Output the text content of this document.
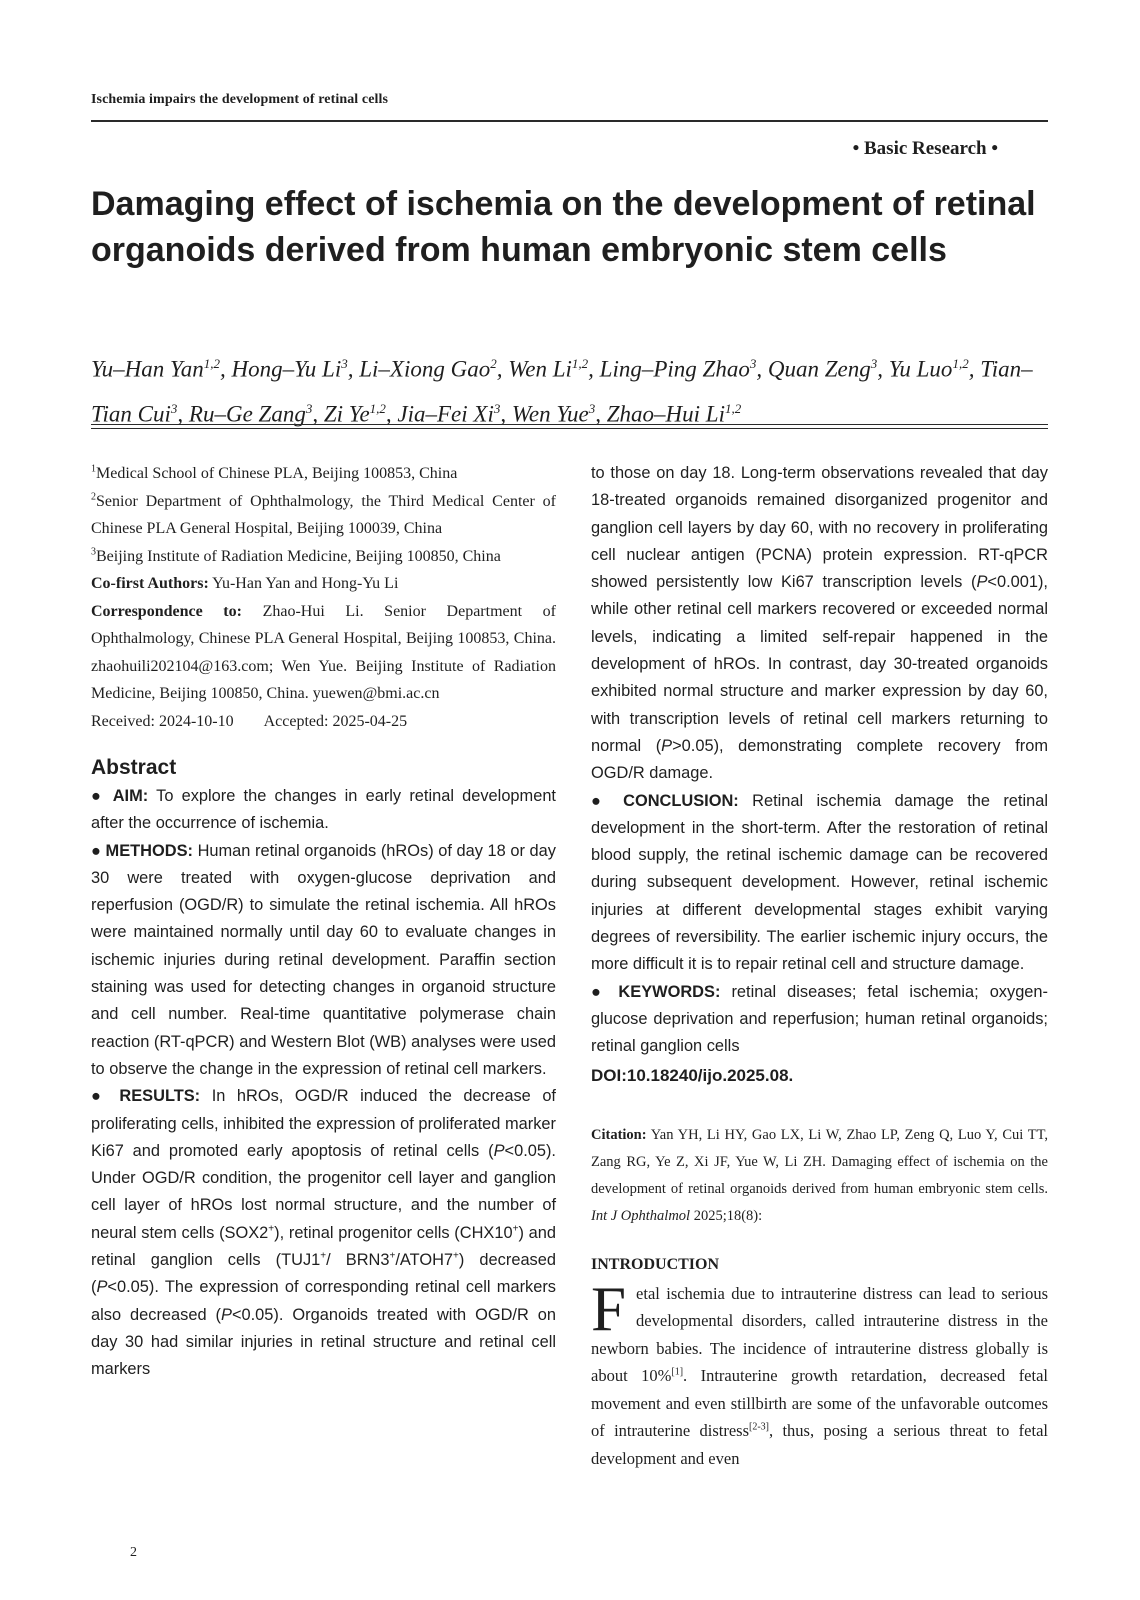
Ischemia impairs the development of retinal cells
• Basic Research •
Damaging effect of ischemia on the development of retinal organoids derived from human embryonic stem cells
Yu–Han Yan$^{1,2}$, Hong–Yu Li$^3$, Li–Xiong Gao$^2$, Wen Li$^{1,2}$, Ling–Ping Zhao$^3$, Quan Zeng$^3$, Yu Luo$^{1,2}$, Tian–Tian Cui$^3$, Ru–Ge Zang$^3$, Zi Ye$^{1,2}$, Jia–Fei Xi$^3$, Wen Yue$^3$, Zhao–Hui Li$^{1,2}$

$^1$Medical School of Chinese PLA, Beijing 100853, China

$^2$Senior Department of Ophthalmology, the Third Medical Center of Chinese PLA General Hospital, Beijing 100039, China

$^3$Beijing Institute of Radiation Medicine, Beijing 100850, China

Co-first Authors: Yu-Han Yan and Hong-Yu Li

Correspondence to: Zhao-Hui Li. Senior Department of Ophthalmology, Chinese PLA General Hospital, Beijing 100853, China. zhaohuili202104@163.com; Wen Yue. Beijing Institute of Radiation Medicine, Beijing 100850, China. yuewen@bmi.ac.cn

Received: 2024-10-10 Accepted: 2025-04-25
Abstract

● AIM: To explore the changes in early retinal development after the occurrence of ischemia.

● METHODS: Human retinal organoids (hROs) of day 18 or day 30 were treated with oxygen-glucose deprivation and reperfusion (OGD/R) to simulate the retinal ischemia. All hROs were maintained normally until day 60 to evaluate changes in ischemic injuries during retinal development. Paraffin section staining was used for detecting changes in organoid structure and cell number. Real-time quantitative polymerase chain reaction (RT-qPCR) and Western Blot (WB) analyses were used to observe the change in the expression of retinal cell markers.

● RESULTS: In hROs, OGD/R induced the decrease of proliferating cells, inhibited the expression of proliferated marker Ki67 and promoted early apoptosis of retinal cells (P<0.05). Under OGD/R condition, the progenitor cell layer and ganglion cell layer of hROs lost normal structure, and the number of neural stem cells (SOX2+), retinal progenitor cells (CHX10+) and retinal ganglion cells (TUJ1+/ BRN3+/ATOH7+) decreased (P<0.05). The expression of corresponding retinal cell markers also decreased (P<0.05). Organoids treated with OGD/R on day 30 had similar injuries in retinal structure and retinal cell markers

to those on day 18. Long-term observations revealed that day 18-treated organoids remained disorganized progenitor and ganglion cell layers by day 60, with no recovery in proliferating cell nuclear antigen (PCNA) protein expression. RT-qPCR showed persistently low Ki67 transcription levels (P<0.001), while other retinal cell markers recovered or exceeded normal levels, indicating a limited self-repair happened in the development of hROs. In contrast, day 30-treated organoids exhibited normal structure and marker expression by day 60, with transcription levels of retinal cell markers returning to normal (P>0.05), demonstrating complete recovery from OGD/R damage.

● CONCLUSION: Retinal ischemia damage the retinal development in the short-term. After the restoration of retinal blood supply, the retinal ischemic damage can be recovered during subsequent development. However, retinal ischemic injuries at different developmental stages exhibit varying degrees of reversibility. The earlier ischemic injury occurs, the more difficult it is to repair retinal cell and structure damage.

● KEYWORDS: retinal diseases; fetal ischemia; oxygen-glucose deprivation and reperfusion; human retinal organoids; retinal ganglion cells

DOI:10.18240/ijo.2025.08.

Citation: Yan YH, Li HY, Gao LX, Li W, Zhao LP, Zeng Q, Luo Y, Cui TT, Zang RG, Ye Z, Xi JF, Yue W, Li ZH. Damaging effect of ischemia on the development of retinal organoids derived from human embryonic stem cells. Int J Ophthalmol 2025;18(8):

INTRODUCTION

Fetal ischemia due to intrauterine distress can lead to serious developmental disorders, called intrauterine distress in the newborn babies. The incidence of intrauterine distress globally is about 10%[1]. Intrauterine growth retardation, decreased fetal movement and even stillbirth are some of the unfavorable outcomes of intrauterine distress[2-3], thus, posing a serious threat to fetal development and even

2
